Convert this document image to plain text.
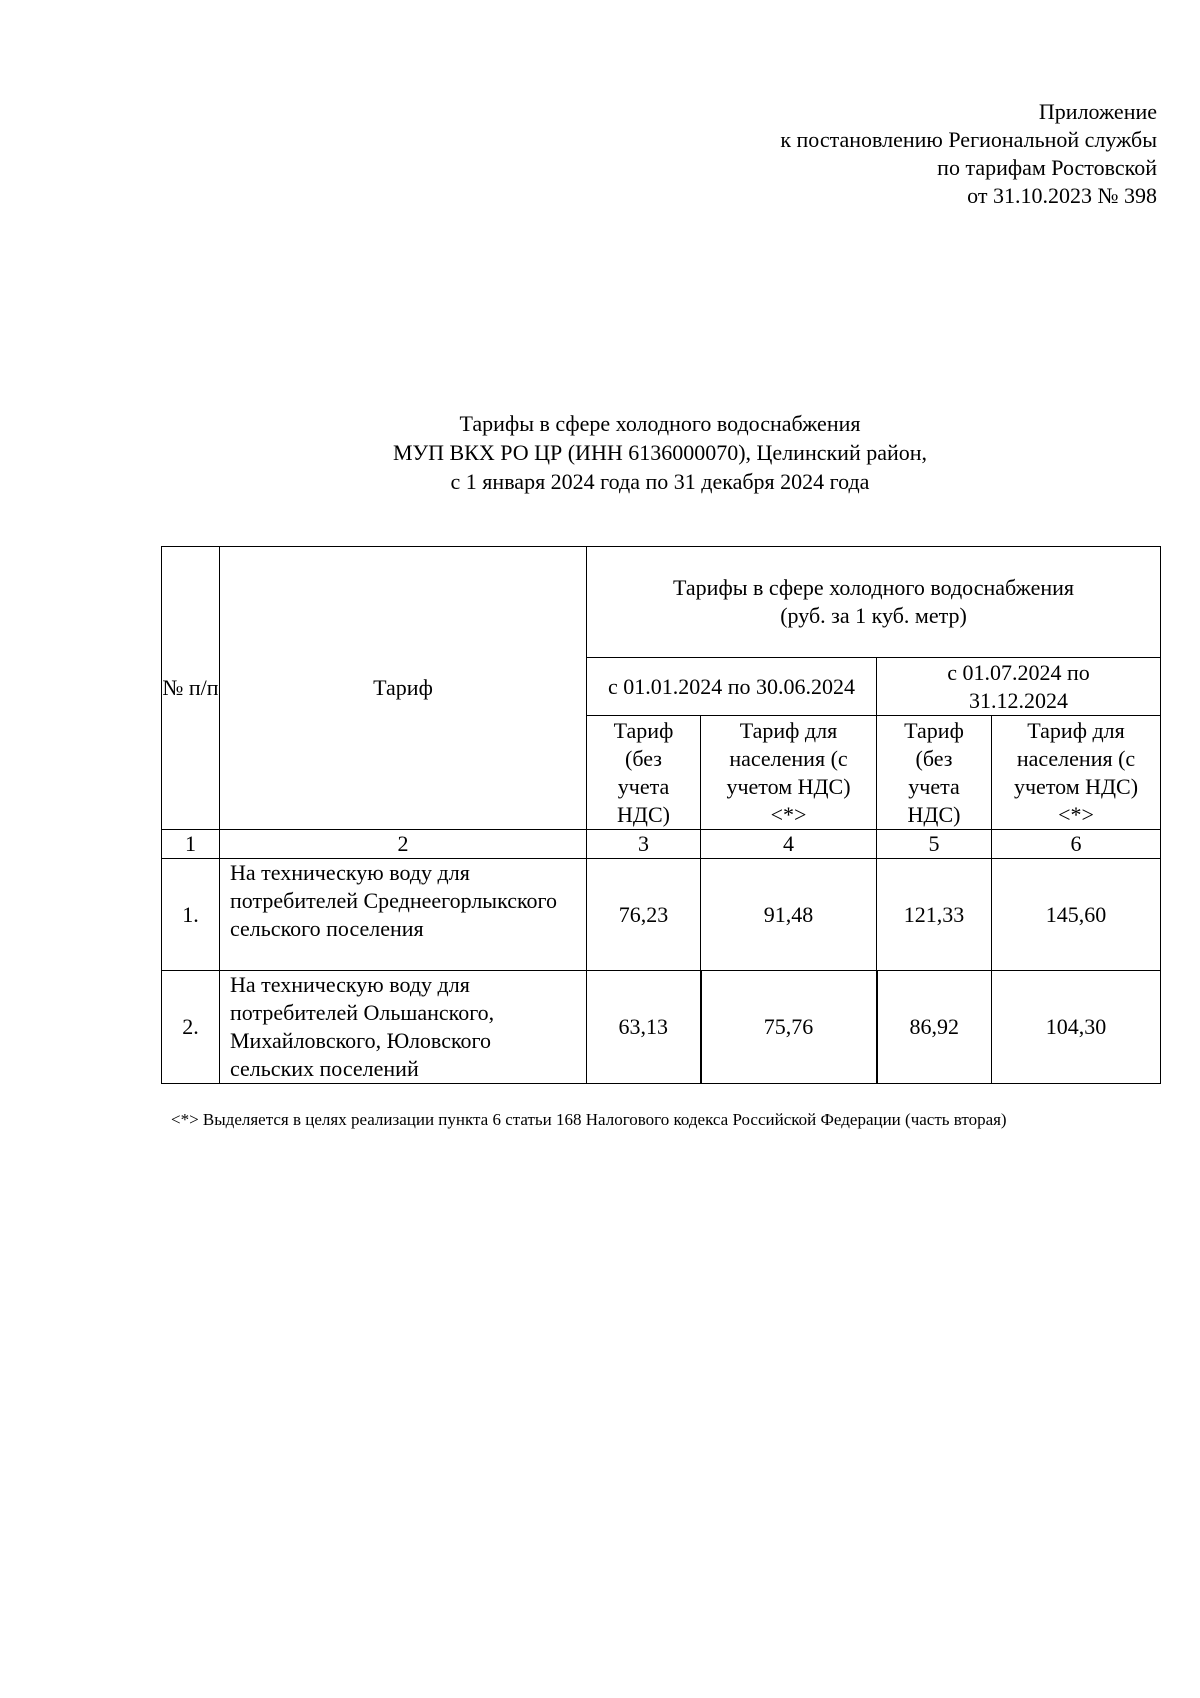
Приложение
к постановлению Региональной службы
по тарифам Ростовской
от 31.10.2023 № 398
Тарифы в сфере холодного водоснабжения
МУП ВКХ РО ЦР (ИНН 6136000070), Целинский район,
с 1 января 2024 года по 31 декабря 2024 года
№ п/п	Тариф	Тарифы в сфере холодного водоснабжения
(руб. за 1 куб. метр)			

		с 01.01.2024 по 30.06.2024		с 01.07.2024 по 31.12.2024	
		Тариф (без учета НДС)	Тариф для населения (с учетом НДС) <*>	Тариф (без учета НДС)	Тариф для населения (с учетом НДС) <*>
1	2	3	4	5	6
1.	На техническую воду для потребителей Среднеегорлыкского сельского поселения	76,23	91,48	121,33	145,60
2.	На техническую воду для потребителей Ольшанского, Михайловского, Юловского сельских поселений	63,13	75,76	86,92	104,30
<*> Выделяется в целях реализации пункта 6 статьи 168 Налогового кодекса Российской Федерации (часть вторая)
